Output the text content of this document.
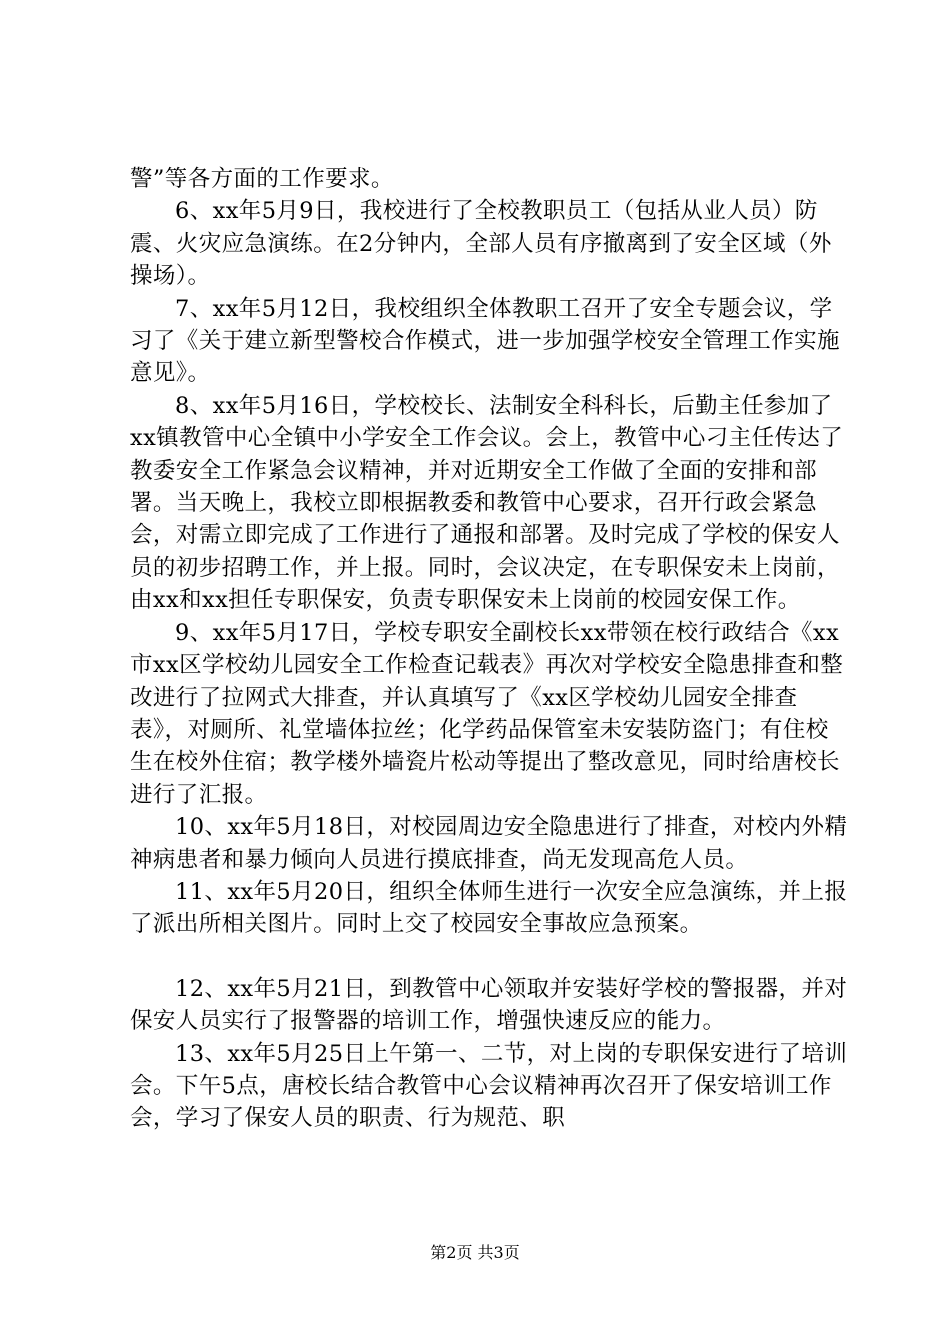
警”等各方面的工作要求。

6、xx年5月9日，我校进行了全校教职员工（包括从业人员）防震、火灾应急演练。在2分钟内，全部人员有序撤离到了安全区域（外操场）。

7、xx年5月12日，我校组织全体教职工召开了安全专题会议，学习了《关于建立新型警校合作模式，进一步加强学校安全管理工作实施意见》。

8、xx年5月16日，学校校长、法制安全科科长，后勤主任参加了xx镇教管中心全镇中小学安全工作会议。会上，教管中心刁主任传达了教委安全工作紧急会议精神，并对近期安全工作做了全面的安排和部署。当天晚上，我校立即根据教委和教管中心要求，召开行政会紧急会，对需立即完成了工作进行了通报和部署。及时完成了学校的保安人员的初步招聘工作，并上报。同时，会议决定，在专职保安未上岗前，由xx和xx担任专职保安，负责专职保安未上岗前的校园安保工作。

9、xx年5月17日，学校专职安全副校长xx带领在校行政结合《xx市xx区学校幼儿园安全工作检查记载表》再次对学校安全隐患排查和整改进行了拉网式大排查，并认真填写了《xx区学校幼儿园安全排查表》，对厕所、礼堂墙体拉丝；化学药品保管室未安装防盗门；有住校生在校外住宿；教学楼外墙瓷片松动等提出了整改意见，同时给唐校长进行了汇报。

10、xx年5月18日，对校园周边安全隐患进行了排查，对校内外精神病患者和暴力倾向人员进行摸底排查，尚无发现高危人员。

11、xx年5月20日，组织全体师生进行一次安全应急演练，并上报了派出所相关图片。同时上交了校园安全事故应急预案。

12、xx年5月21日，到教管中心领取并安装好学校的警报器，并对保安人员实行了报警器的培训工作，增强快速反应的能力。

13、xx年5月25日上午第一、二节，对上岗的专职保安进行了培训会。下午5点，唐校长结合教管中心会议精神再次召开了保安培训工作会，学习了保安人员的职责、行为规范、职

第2页 共3页
